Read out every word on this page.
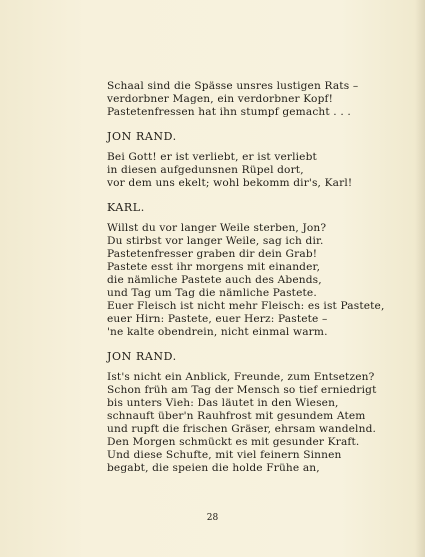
Schaal sind die Spässe unsres lustigen Rats –
verdorbner Magen, ein verdorbner Kopf!
Pastetenfressen hat ihn stumpf gemacht . . .
JON RAND.
Bei Gott! er ist verliebt, er ist verliebt
in diesen aufgedunsnen Rüpel dort,
vor dem uns ekelt; wohl bekomm dir's, Karl!
KARL.
Willst du vor langer Weile sterben, Jon?
Du stirbst vor langer Weile, sag ich dir.
Pastetenfresser graben dir dein Grab!
Pastete esst ihr morgens mit einander,
die nämliche Pastete auch des Abends,
und Tag um Tag die nämliche Pastete.
Euer Fleisch ist nicht mehr Fleisch: es ist Pastete,
euer Hirn: Pastete, euer Herz: Pastete –
'ne kalte obendrein, nicht einmal warm.
JON RAND.
Ist's nicht ein Anblick, Freunde, zum Entsetzen?
Schon früh am Tag der Mensch so tief erniedrigt
bis unters Vieh: Das läutet in den Wiesen,
schnauft über'n Rauhfrost mit gesundem Atem
und rupft die frischen Gräser, ehrsam wandelnd.
Den Morgen schmückt es mit gesunder Kraft.
Und diese Schufte, mit viel feinern Sinnen
begabt, die speien die holde Frühe an,
28
